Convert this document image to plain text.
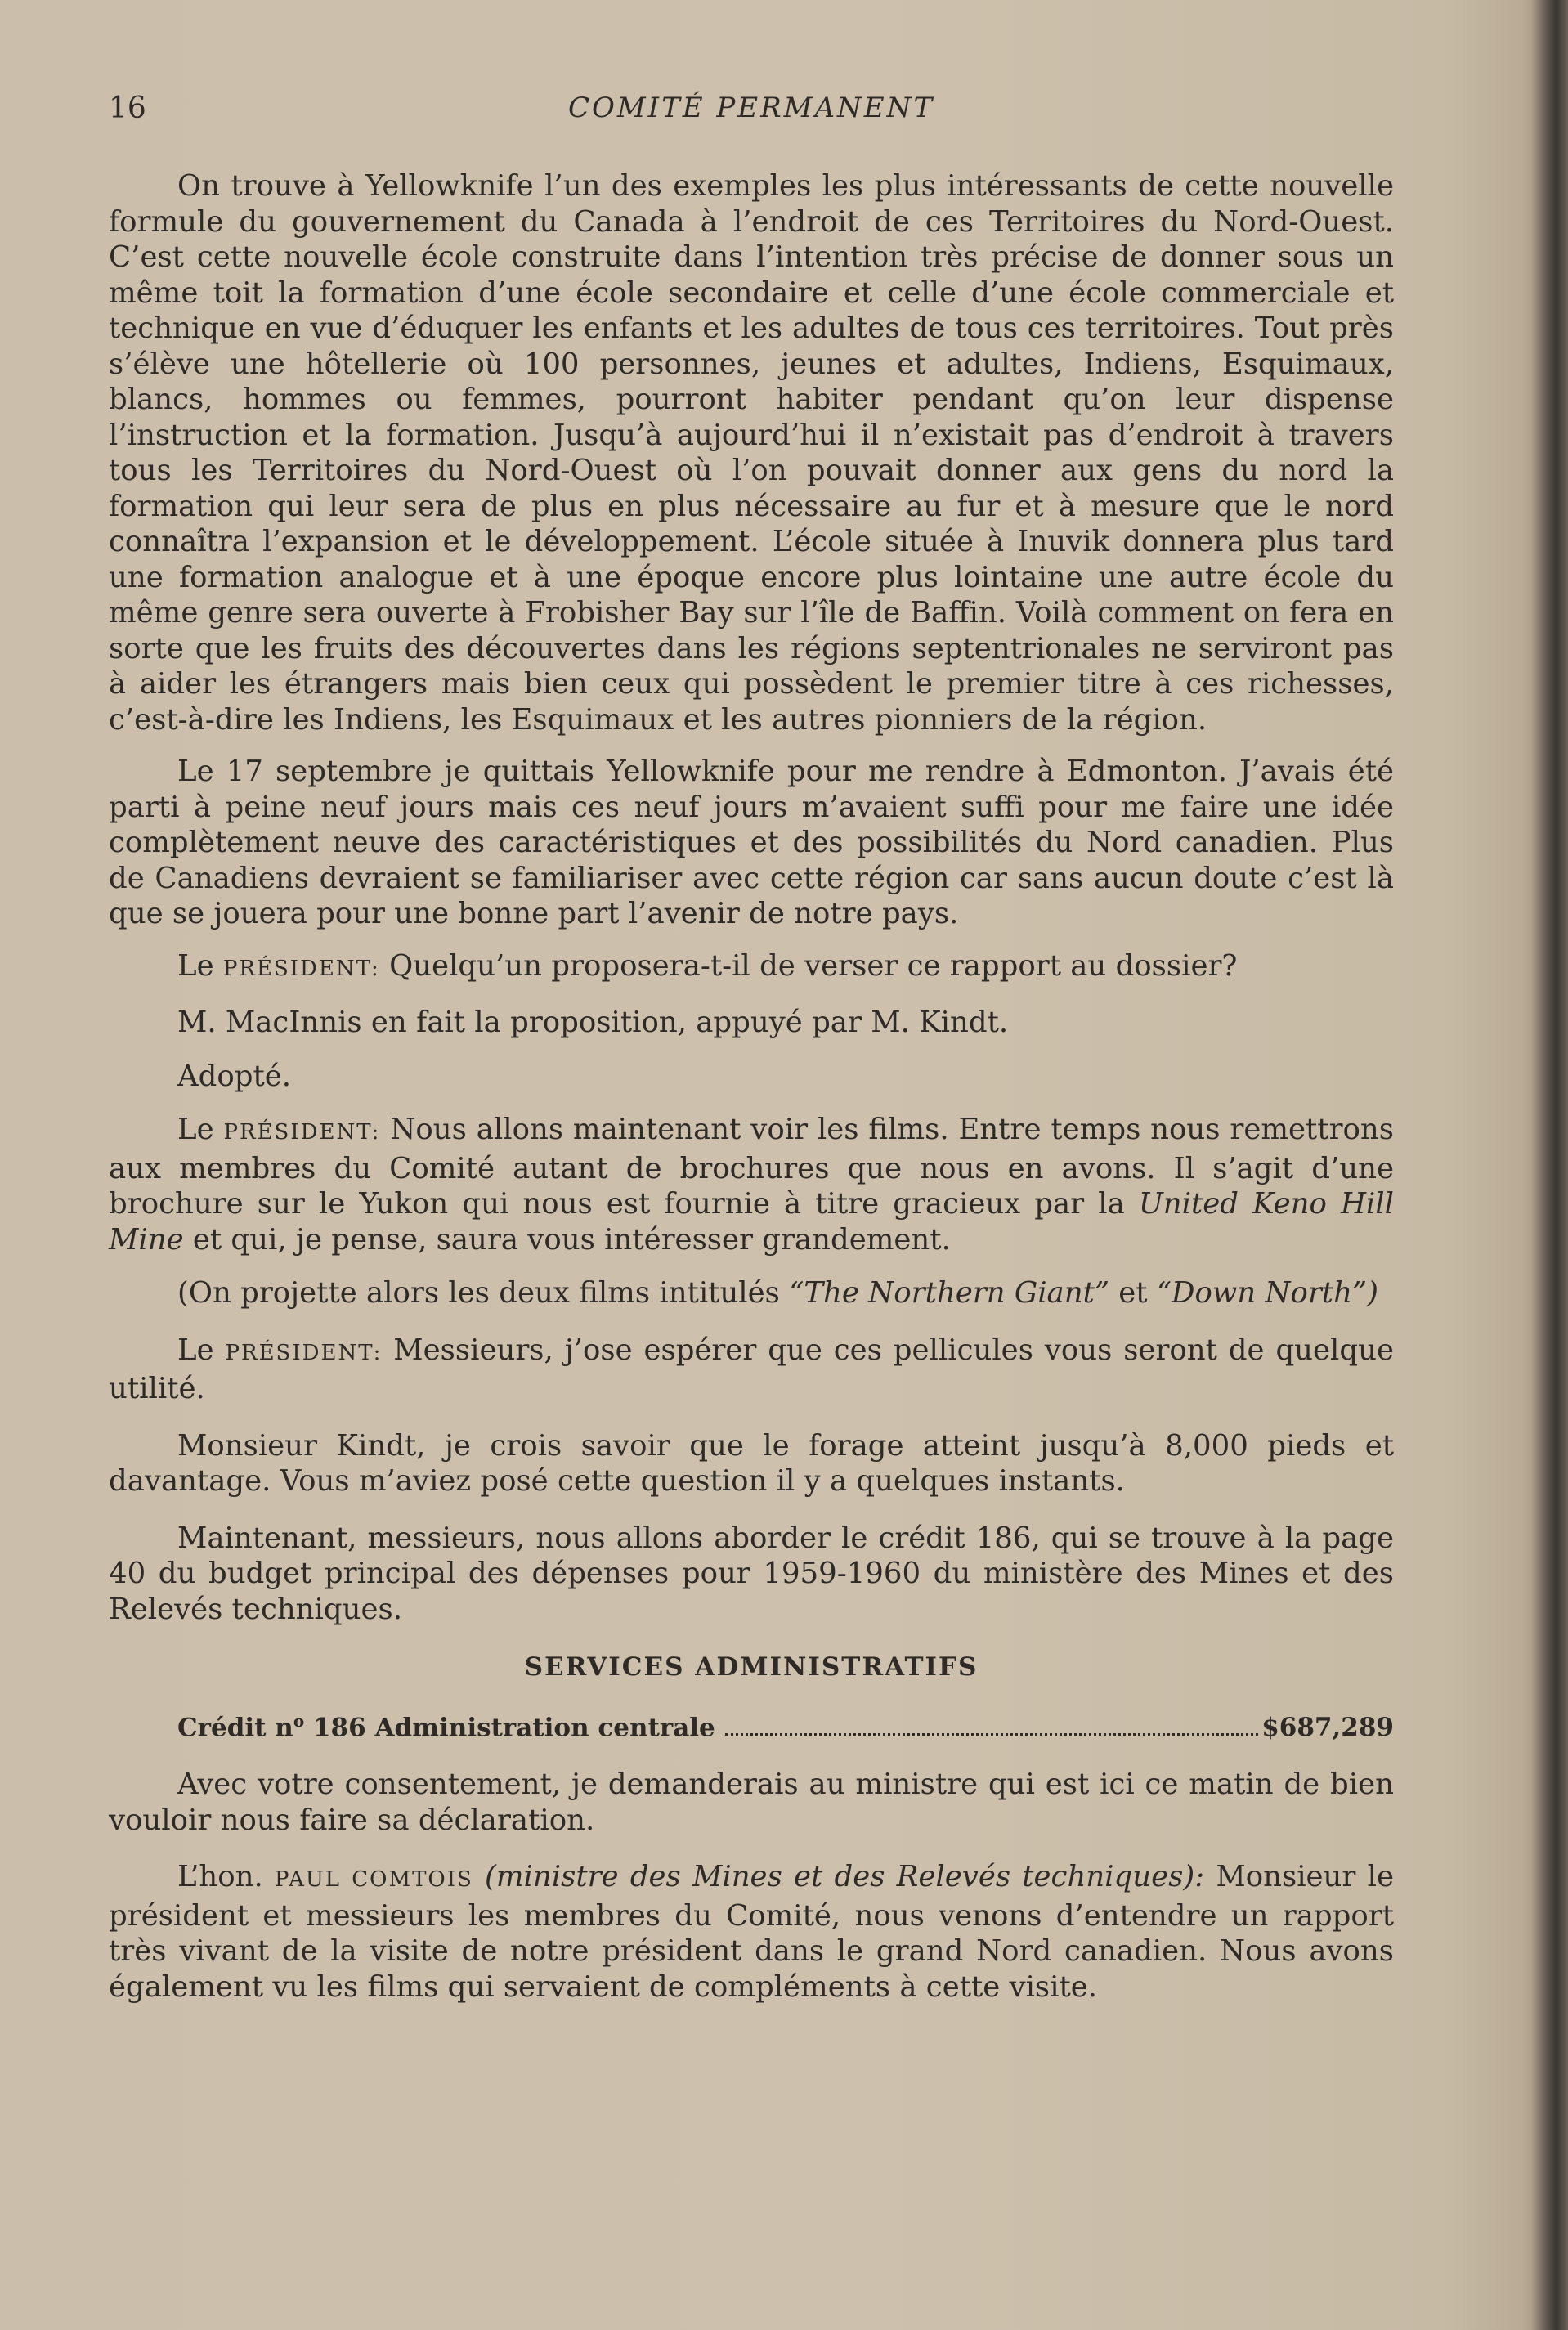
16	COMITÉ PERMANENT

On trouve à Yellowknife l’un des exemples les plus intéressants de cette nouvelle formule du gouvernement du Canada à l’endroit de ces Territoires du Nord-Ouest. C’est cette nouvelle école construite dans l’intention très précise de donner sous un même toit la formation d’une école secondaire et celle d’une école commerciale et technique en vue d’éduquer les enfants et les adultes de tous ces territoires. Tout près s’élève une hôtellerie où 100 personnes, jeunes et adultes, Indiens, Esquimaux, blancs, hommes ou femmes, pourront habiter pendant qu’on leur dispense l’instruction et la formation. Jusqu’à aujourd’hui il n’existait pas d’endroit à travers tous les Territoires du Nord-Ouest où l’on pouvait donner aux gens du nord la formation qui leur sera de plus en plus nécessaire au fur et à mesure que le nord connaîtra l’expansion et le développement. L’école située à Inuvik donnera plus tard une formation analogue et à une époque encore plus lointaine une autre école du même genre sera ouverte à Frobisher Bay sur l’île de Baffin. Voilà comment on fera en sorte que les fruits des découvertes dans les régions septentrionales ne serviront pas à aider les étrangers mais bien ceux qui possèdent le premier titre à ces richesses, c’est-à-dire les Indiens, les Esquimaux et les autres pionniers de la région.

Le 17 septembre je quittais Yellowknife pour me rendre à Edmonton. J’avais été parti à peine neuf jours mais ces neuf jours m’avaient suffi pour me faire une idée complètement neuve des caractéristiques et des possibilités du Nord canadien. Plus de Canadiens devraient se familiariser avec cette région car sans aucun doute c’est là que se jouera pour une bonne part l’avenir de notre pays.

Le PRÉSIDENT: Quelqu’un proposera-t-il de verser ce rapport au dossier?

M. MacInnis en fait la proposition, appuyé par M. Kindt.

Adopté.

Le PRÉSIDENT: Nous allons maintenant voir les films. Entre temps nous remettrons aux membres du Comité autant de brochures que nous en avons. Il s’agit d’une brochure sur le Yukon qui nous est fournie à titre gracieux par la United Keno Hill Mine et qui, je pense, saura vous intéresser grandement.

(On projette alors les deux films intitulés “The Northern Giant” et “Down North”)

Le PRÉSIDENT: Messieurs, j’ose espérer que ces pellicules vous seront de quelque utilité.

Monsieur Kindt, je crois savoir que le forage atteint jusqu’à 8,000 pieds et davantage. Vous m’aviez posé cette question il y a quelques instants.

Maintenant, messieurs, nous allons aborder le crédit 186, qui se trouve à la page 40 du budget principal des dépenses pour 1959-1960 du ministère des Mines et des Relevés techniques.

SERVICES ADMINISTRATIFS
Crédit $n^o$ 186 Administration centrale	$687,289

Avec votre consentement, je demanderais au ministre qui est ici ce matin de bien vouloir nous faire sa déclaration.

L’hon. PAUL COMTOIS (ministre des Mines et des Relevés techniques): Monsieur le président et messieurs les membres du Comité, nous venons d’entendre un rapport très vivant de la visite de notre président dans le grand Nord canadien. Nous avons également vu les films qui servaient de compléments à cette visite.
